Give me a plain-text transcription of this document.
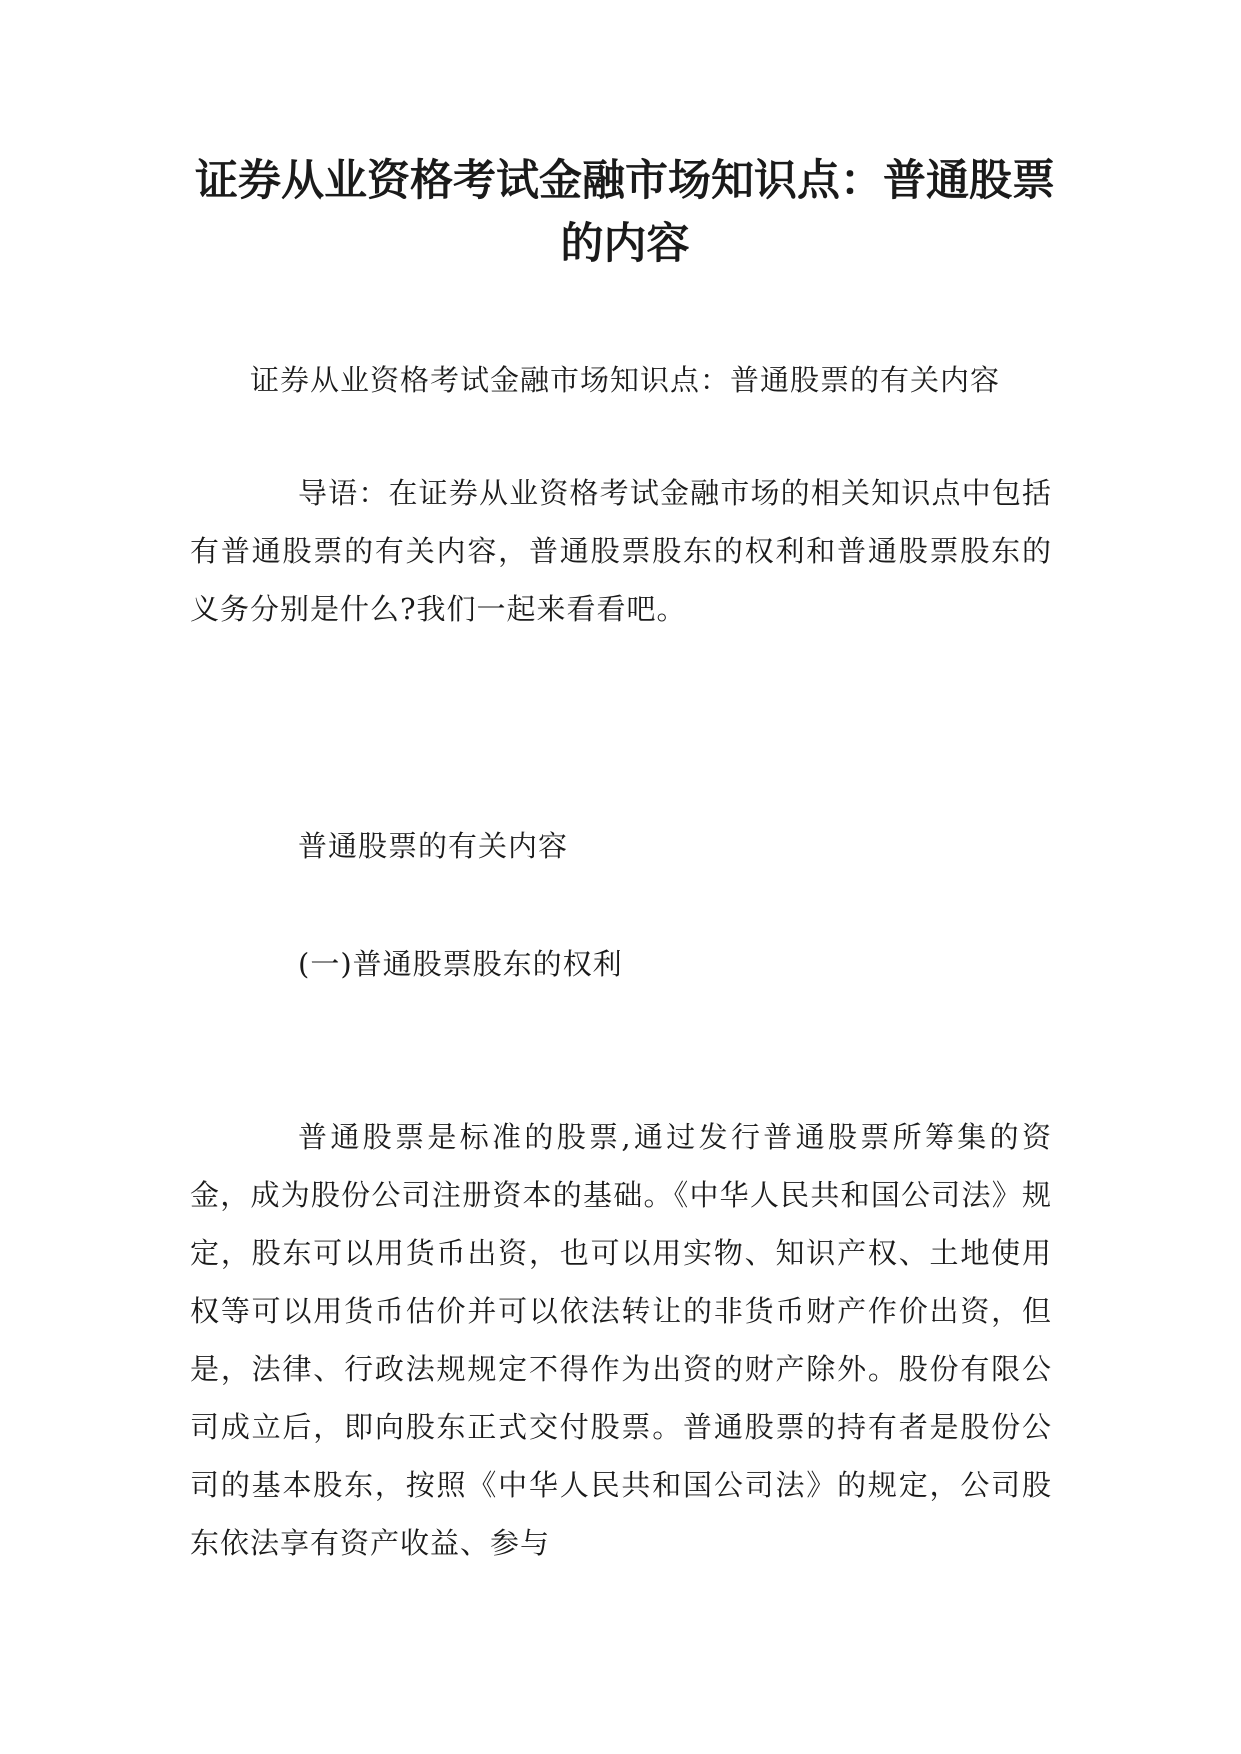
证券从业资格考试金融市场知识点：普通股票的内容

证券从业资格考试金融市场知识点：普通股票的有关内容

导语：在证券从业资格考试金融市场的相关知识点中包括有普通股票的有关内容，普通股票股东的权利和普通股票股东的义务分别是什么?我们一起来看看吧。

普通股票的有关内容

(一)普通股票股东的权利

普通股票是标准的股票,通过发行普通股票所筹集的资金，成为股份公司注册资本的基础。《中华人民共和国公司法》规定，股东可以用货币出资，也可以用实物、知识产权、土地使用权等可以用货币估价并可以依法转让的非货币财产作价出资，但是，法律、行政法规规定不得作为出资的财产除外。股份有限公司成立后，即向股东正式交付股票。普通股票的持有者是股份公司的基本股东，按照《中华人民共和国公司法》的规定，公司股东依法享有资产收益、参与
